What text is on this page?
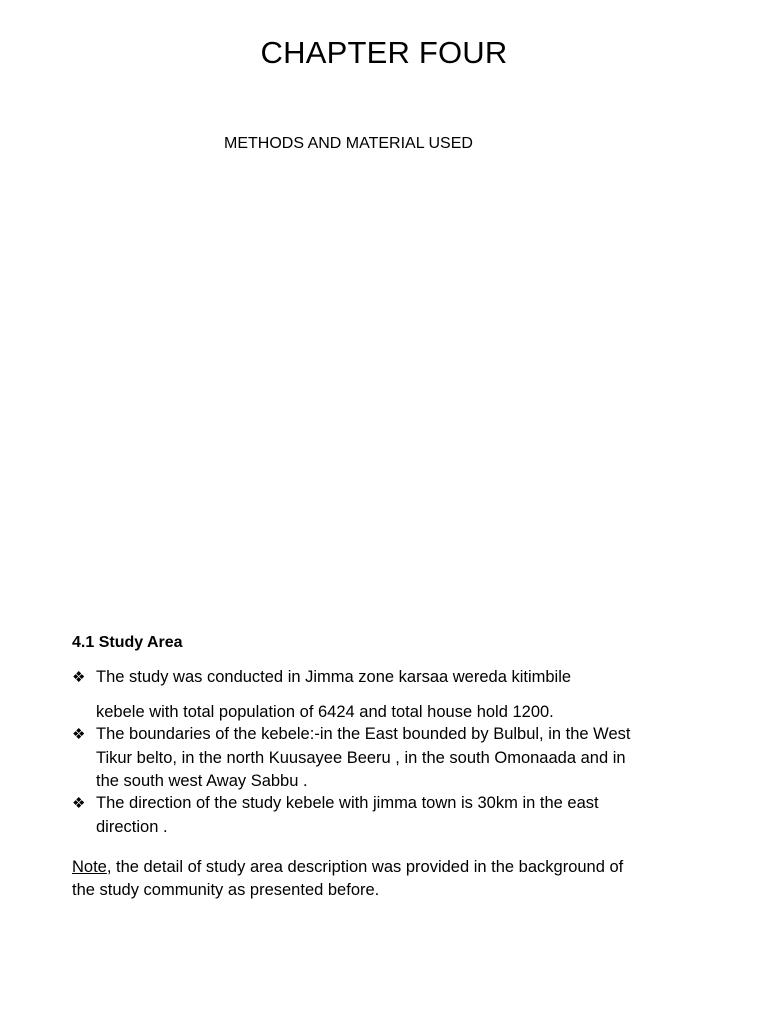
CHAPTER FOUR
METHODS AND MATERIAL USED
4.1 Study Area
❖ The study was conducted in Jimma zone karsaa wereda kitimbile
kebele with total population of 6424 and total house hold 1200.
❖ The boundaries of the kebele:-in the East bounded by Bulbul, in the West Tikur belto, in the north Kuusayee Beeru , in the south Omonaada and in the south west Away Sabbu .
❖ The direction of the study kebele with jimma town is 30km in the east direction .

Note, the detail of study area description was provided in the background of the study community as presented before.
